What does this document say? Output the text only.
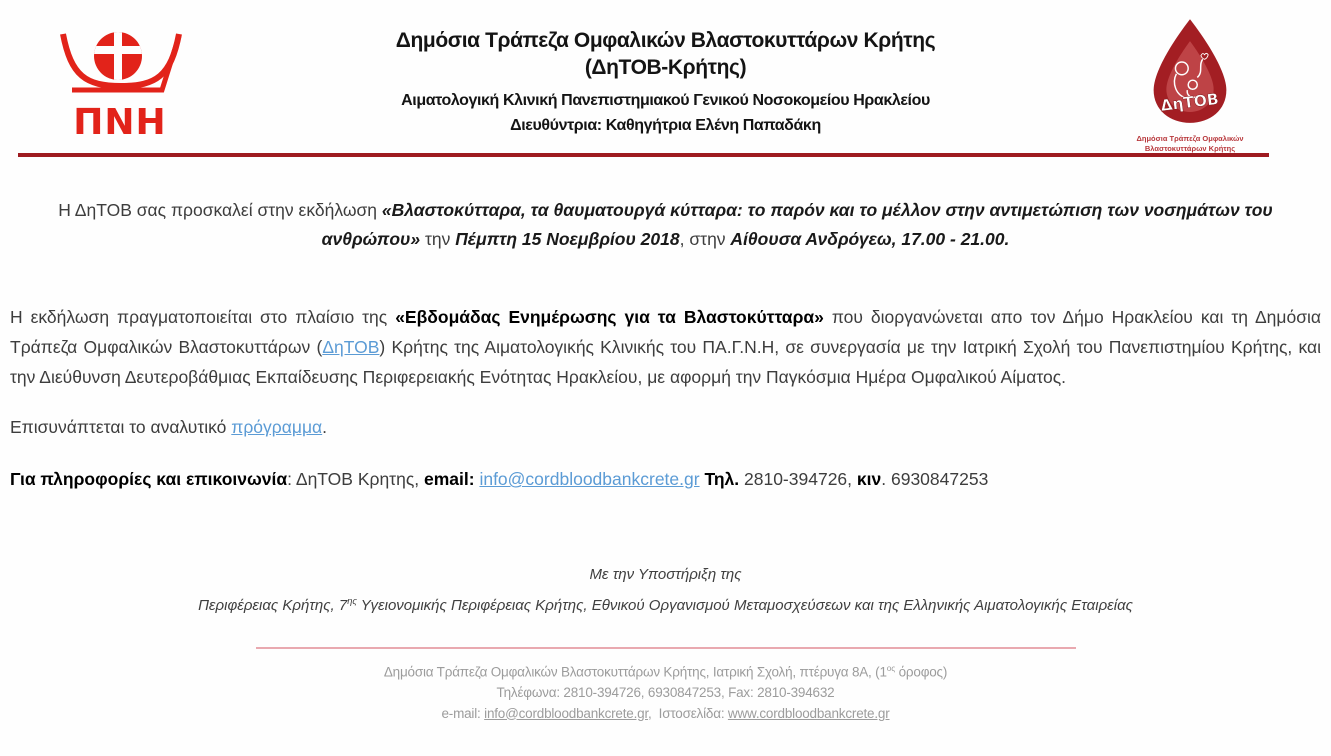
ΠΝΗ
Δημόσια Τράπεζα Ομφαλικών Βλαστοκυττάρων Κρήτης
(ΔηΤΟΒ-Κρήτης)
Αιματολογική Κλινική Πανεπιστημιακού Γενικού Νοσοκομείου Ηρακλείου
Διευθύντρια: Καθηγήτρια Ελένη Παπαδάκη
ΔηΤΟΒ
Δημόσια Τράπεζα Ομφαλικών
Βλαστοκυττάρων Κρήτης

Η ΔηΤΟΒ σας προσκαλεί στην εκδήλωση «Βλαστοκύτταρα, τα θαυματουργά κύτταρα: το παρόν και το μέλλον στην αντιμετώπιση των νοσημάτων του ανθρώπου» την Πέμπτη 15 Νοεμβρίου 2018, στην Αίθουσα Ανδρόγεω, 17.00 - 21.00.

Η εκδήλωση πραγματοποιείται στο πλαίσιο της «Εβδομάδας Ενημέρωσης για τα Βλαστοκύτταρα» που διοργανώνεται απο τον Δήμο Ηρακλείου και τη Δημόσια Τράπεζα Ομφαλικών Βλαστοκυττάρων (ΔηΤΟΒ) Κρήτης της Αιματολογικής Κλινικής του ΠΑ.Γ.Ν.Η, σε συνεργασία με την Ιατρική Σχολή του Πανεπιστημίου Κρήτης, και την Διεύθυνση Δευτεροβάθμιας Εκπαίδευσης Περιφερειακής Ενότητας Ηρακλείου, με αφορμή την Παγκόσμια Ημέρα Ομφαλικού Αίματος.

Επισυνάπτεται το αναλυτικό πρόγραμμα.

Για πληροφορίες και επικοινωνία: ΔηΤΟΒ Κρητης, email: info@cordbloodbankcrete.gr Τηλ. 2810-394726, κιν. 6930847253

Με την Υποστήριξη της
Περιφέρειας Κρήτης, $7^{\eta\varsigma}$ Υγειονομικής Περιφέρειας Κρήτης, Εθνικού Οργανισμού Μεταμοσχεύσεων και της Ελληνικής Αιματολογικής Εταιρείας
Δημόσια Τράπεζα Ομφαλικών Βλαστοκυττάρων Κρήτης, Ιατρική Σχολή, πτέρυγα 8Α, ($1^{o\varsigma}$ όροφος)
Τηλέφωνα: 2810-394726, 6930847253, Fax: 2810-394632
e-mail: info@cordbloodbankcrete.gr,  Ιστοσελίδα: www.cordbloodbankcrete.gr
